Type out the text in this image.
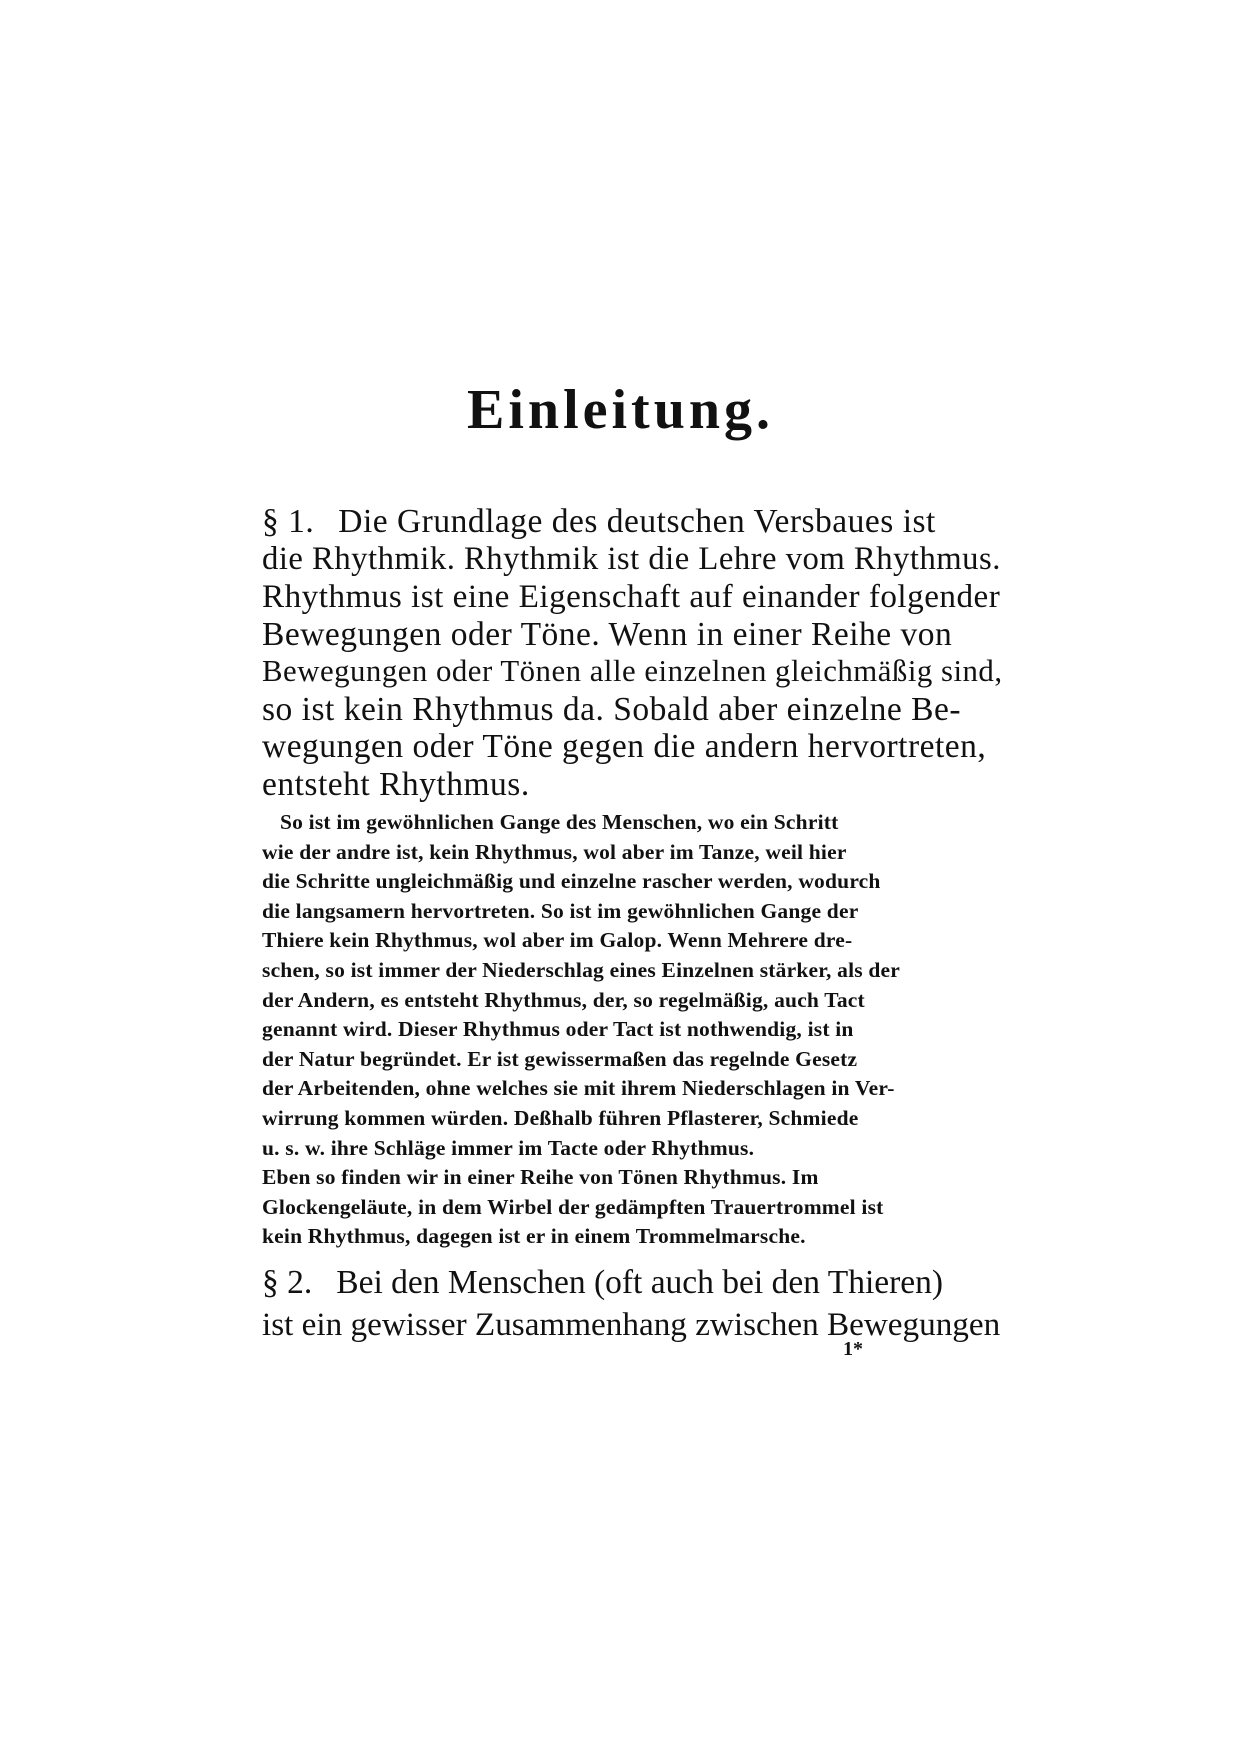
Einleitung.
§ 1. Die Grundlage des deutschen Versbaues ist
die Rhythmik. Rhythmik ist die Lehre vom Rhythmus.
Rhythmus ist eine Eigenschaft auf einander folgender
Bewegungen oder Töne. Wenn in einer Reihe von
Bewegungen oder Tönen alle einzelnen gleichmäßig sind,
so ist kein Rhythmus da. Sobald aber einzelne Be-
wegungen oder Töne gegen die andern hervortreten,
entsteht Rhythmus.
So ist im gewöhnlichen Gange des Menschen, wo ein Schritt
wie der andre ist, kein Rhythmus, wol aber im Tanze, weil hier
die Schritte ungleichmäßig und einzelne rascher werden, wodurch
die langsamern hervortreten. So ist im gewöhnlichen Gange der
Thiere kein Rhythmus, wol aber im Galop. Wenn Mehrere dre-
schen, so ist immer der Niederschlag eines Einzelnen stärker, als der
der Andern, es entsteht Rhythmus, der, so regelmäßig, auch Tact
genannt wird. Dieser Rhythmus oder Tact ist nothwendig, ist in
der Natur begründet. Er ist gewissermaßen das regelnde Gesetz
der Arbeitenden, ohne welches sie mit ihrem Niederschlagen in Ver-
wirrung kommen würden. Deßhalb führen Pflasterer, Schmiede
u. s. w. ihre Schläge immer im Tacte oder Rhythmus.
Eben so finden wir in einer Reihe von Tönen Rhythmus. Im
Glockengeläute, in dem Wirbel der gedämpften Trauertrommel ist
kein Rhythmus, dagegen ist er in einem Trommelmarsche.
§ 2. Bei den Menschen (oft auch bei den Thieren)
ist ein gewisser Zusammenhang zwischen Bewegungen

1*
